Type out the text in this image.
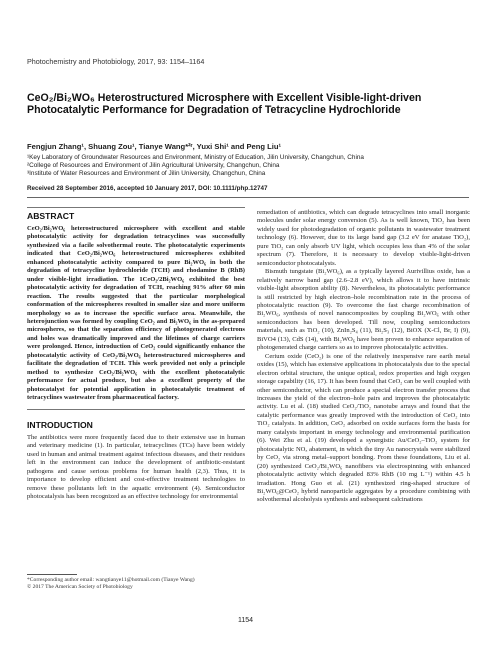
Photochemistry and Photobiology, 2017, 93: 1154–1164
CeO₂/Bi₂WO₆ Heterostructured Microsphere with Excellent Visible-light-driven Photocatalytic Performance for Degradation of Tetracycline Hydrochloride
Fengjun Zhang¹, Shuang Zou¹, Tianye Wang*²ʳ, Yuxi Shi¹ and Peng Liu¹
¹Key Laboratory of Groundwater Resources and Environment, Ministry of Education, Jilin University, Changchun, China
²College of Resources and Environment of Jilin Agricultural University, Changchun, China
³Institute of Water Resources and Environment of Jilin University, Changchun, China
Received 28 September 2016, accepted 10 January 2017, DOI: 10.1111/php.12747
ABSTRACT
CeO₂/Bi₂WO₆ heterostructured microsphere with excellent and stable photocatalytic activity for degradation tetracyclines was successfully synthesized via a facile solvothermal route. The photocatalytic experiments indicated that CeO₂/Bi₂WO₆ heterostructured microspheres exhibited enhanced photocatalytic activity compared to pure Bi₂WO₆ in both the degradation of tetracycline hydrochloride (TCH) and rhodamine B (RhB) under visible-light irradiation. The 1CeO₂/2Bi₂WO₆ exhibited the best photocatalytic activity for degradation of TCH, reaching 91% after 60 min reaction. The results suggested that the particular morphological conformation of the microspheres resulted in smaller size and more uniform morphology so as to increase the specific surface area. Meanwhile, the heterojunction was formed by coupling CeO₂ and Bi₂WO₆ in the as-prepared microspheres, so that the separation efficiency of photogenerated electrons and holes was dramatically improved and the lifetimes of charge carriers were prolonged. Hence, introduction of CeO₂ could significantly enhance the photocatalytic activity of CeO₂/Bi₂WO₆ heterostructured microspheres and facilitate the degradation of TCH. This work provided not only a principle method to synthesize CeO₂/Bi₂WO₆ with the excellent photocatalytic performance for actual produce, but also a excellent property of the photocatalyst for potential application in photocatalytic treatment of tetracyclines wastewater from pharmaceutical factory.
INTRODUCTION
The antibiotics were more frequently faced due to their extensive use in human and veterinary medicine (1). In particular, tetracyclines (TCs) have been widely used in human and animal treatment against infectious diseases, and their residues left in the environment can induce the development of antibiotic-resistant pathogens and cause serious problems for human health (2,3). Thus, it is importance to develop efficient and cost-effective treatment technologies to remove these pollutants left in the aquatic environment (4). Semiconductor photocatalysis has been recognized as an effective technology for environmental

remediation of antibiotics, which can degrade tetracyclines into small inorganic molecules under solar energy conversion (5). As is well known, TiO₂ has been widely used for photodegradation of organic pollutants in wastewater treatment technology (6). However, due to its large band gap (3.2 eV for anatase TiO₂), pure TiO₂ can only absorb UV light, which occupies less than 4% of the solar spectrum (7). Therefore, it is necessary to develop visible-light-driven semiconductor photocatalysts.

Bismuth tungstate (Bi₂WO₆), as a typically layered Aurivillius oxide, has a relatively narrow band gap (2.6–2.8 eV), which allows it to have intrinsic visible-light absorption ability (8). Nevertheless, its photocatalytic performance is still restricted by high electron–hole recombination rate in the process of photocatalytic reaction (9). To overcome the fast charge recombination of Bi₂WO₆, synthesis of novel nanocomposites by coupling Bi₂WO₆ with other semiconductors has been developed. Till now, coupling semiconductors materials, such as TiO₂ (10), ZnIn₂S₄ (11), Bi₂S₃ (12), BiOX (X-Cl, Br, I) (9), BiVO4 (13), CdS (14), with Bi₂WO₆ have been proven to enhance separation of photogenerated charge carriers so as to improve photocatalytic activities.

Cerium oxide (CeO₂) is one of the relatively inexpensive rare earth metal oxides (15), which has extensive applications in photocatalysis due to the special electron orbital structure, the unique optical, redox properties and high oxygen storage capability (16, 17). It has been found that CeO₂ can be well coupled with other semiconductor, which can produce a special electron transfer process that increases the yield of the electron–hole pairs and improves the photocatalytic activity. Lu et al. (18) studied CeO₂/TiO₂ nanotube arrays and found that the catalytic performance was greatly improved with the introduction of CeO₂ into TiO₂ catalysts. In addition, CeO₂ adsorbed on oxide surfaces form the basis for many catalysts important in energy technology and environmental purification (6). Wei Zhu et al. (19) developed a synergistic Au/CeO₂–TiO₂ system for photocatalytic NOₓ abatement, in which the tiny Au nanocrystals were stabilized by CeO₂ via strong metal–support bonding. From these foundations, Liu et al. (20) synthesized CeO₂/Bi₂WO₆ nanofibers via electrospinning with enhanced photocatalytic activity which degraded 83% RhB (10 mg L⁻¹) within 4.5 h irradiation. Hong Guo et al. (21) synthesized ring-shaped structure of Bi₂WO₆@CeO₂ hybrid nanoparticle aggregates by a procedure combining with solvothermal alcoholysis synthesis and subsequent calcinations

*Corresponding author email: wangtianye11@hotmail.com (Tianye Wang)
© 2017 The American Society of Photobiology
1154
